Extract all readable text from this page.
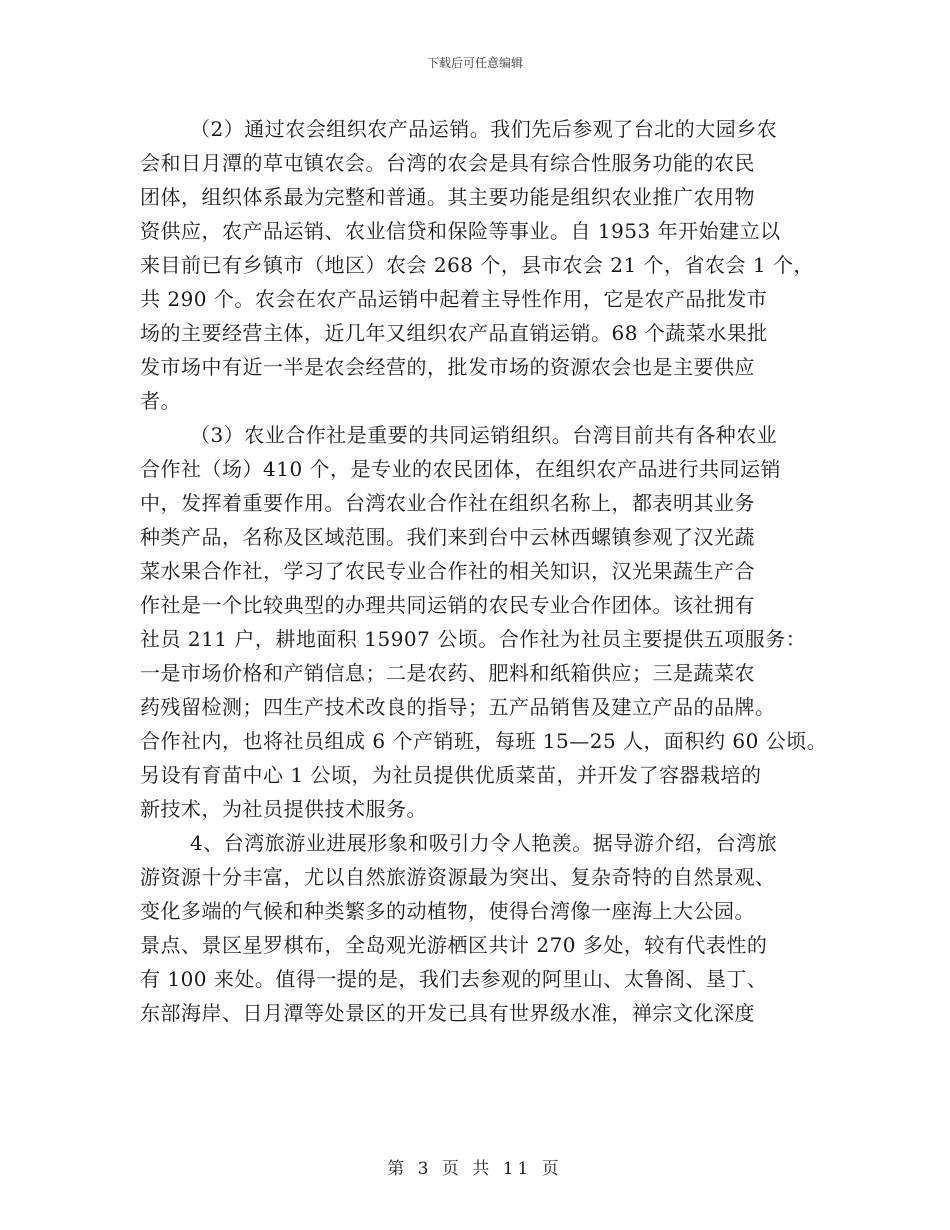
下载后可任意编辑
（2）通过农会组织农产品运销。我们先后参观了台北的大园乡农
会和日月潭的草屯镇农会。台湾的农会是具有综合性服务功能的农民
团体，组织体系最为完整和普通。其主要功能是组织农业推广农用物
资供应，农产品运销、农业信贷和保险等事业。自 1953 年开始建立以
来目前已有乡镇市（地区）农会 268 个，县市农会 21 个，省农会 1 个，
共 290 个。农会在农产品运销中起着主导性作用，它是农产品批发市
场的主要经营主体，近几年又组织农产品直销运销。68 个蔬菜水果批
发市场中有近一半是农会经营的，批发市场的资源农会也是主要供应
者。
（3）农业合作社是重要的共同运销组织。台湾目前共有各种农业
合作社（场）410 个，是专业的农民团体，在组织农产品进行共同运销
中，发挥着重要作用。台湾农业合作社在组织名称上，都表明其业务
种类产品，名称及区域范围。我们来到台中云林西螺镇参观了汉光蔬
菜水果合作社，学习了农民专业合作社的相关知识，汉光果蔬生产合
作社是一个比较典型的办理共同运销的农民专业合作团体。该社拥有
社员 211 户，耕地面积 15907 公顷。合作社为社员主要提供五项服务：
一是市场价格和产销信息；二是农药、肥料和纸箱供应；三是蔬菜农
药残留检测；四生产技术改良的指导；五产品销售及建立产品的品牌。
合作社内，也将社员组成 6 个产销班，每班 15—25 人，面积约 60 公顷。
另设有育苗中心 1 公顷，为社员提供优质菜苗，并开发了容器栽培的
新技术，为社员提供技术服务。
4、台湾旅游业进展形象和吸引力令人艳羡。据导游介绍，台湾旅
游资源十分丰富，尤以自然旅游资源最为突出、复杂奇特的自然景观、
变化多端的气候和种类繁多的动植物，使得台湾像一座海上大公园。
景点、景区星罗棋布，全岛观光游栖区共计 270 多处，较有代表性的
有 100 来处。值得一提的是，我们去参观的阿里山、太鲁阁、垦丁、
东部海岸、日月潭等处景区的开发已具有世界级水准，禅宗文化深度
第 3 页 共 11 页
